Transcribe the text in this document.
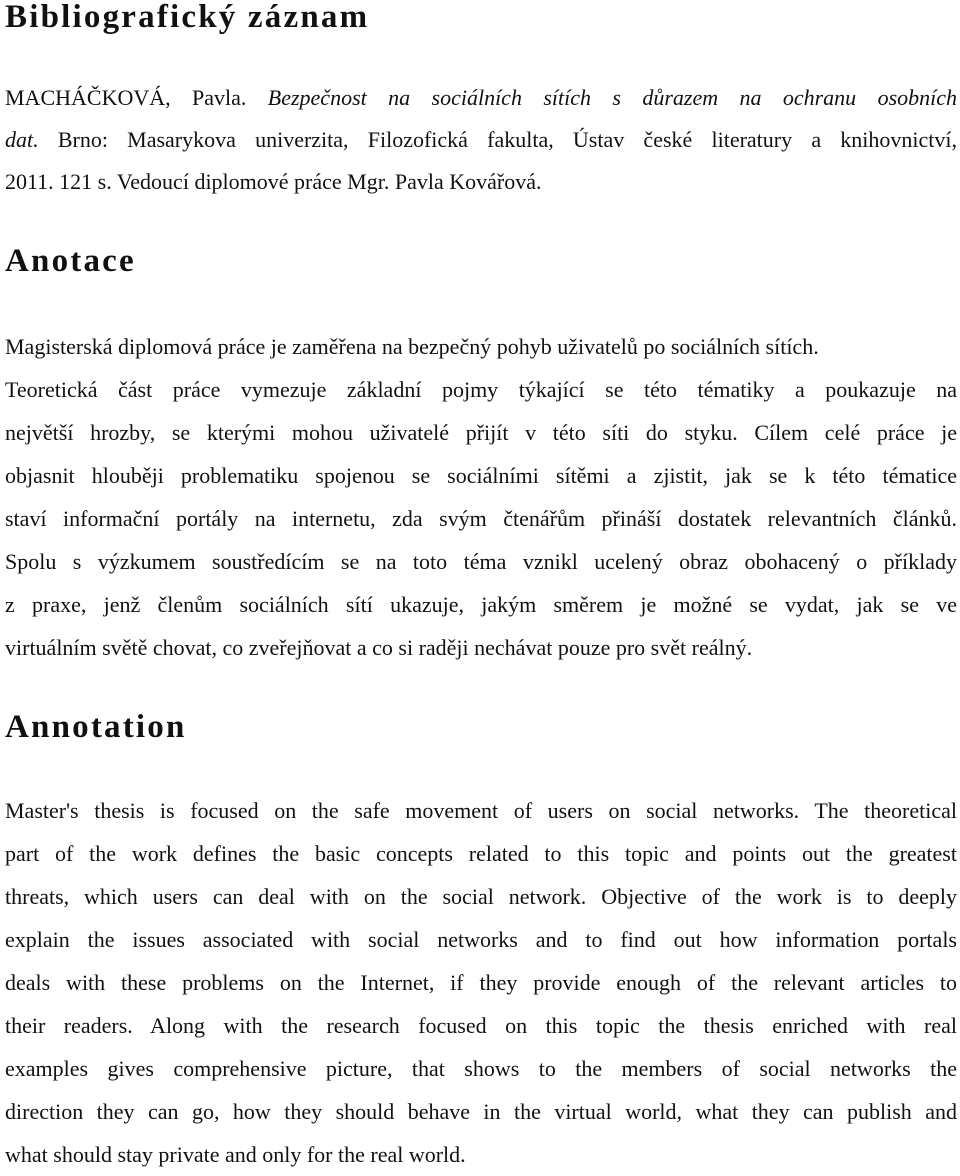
Bibliografický záznam
MACHÁČKOVÁ, Pavla. Bezpečnost na sociálních sítích s důrazem na ochranu osobních
dat. Brno: Masarykova univerzita, Filozofická fakulta, Ústav české literatury a knihovnictví,
2011. 121 s. Vedoucí diplomové práce Mgr. Pavla Kovářová.
Anotace
Magisterská diplomová práce je zaměřena na bezpečný pohyb uživatelů po sociálních sítích.
Teoretická část práce vymezuje základní pojmy týkající se této tématiky a poukazuje na
největší hrozby, se kterými mohou uživatelé přijít v této síti do styku. Cílem celé práce je
objasnit hlouběji problematiku spojenou se sociálními sítěmi a zjistit, jak se k této tématice
staví informační portály na internetu, zda svým čtenářům přináší dostatek relevantních článků.
Spolu s výzkumem soustředícím se na toto téma vznikl ucelený obraz obohacený o příklady
z praxe, jenž členům sociálních sítí ukazuje, jakým směrem je možné se vydat, jak se ve
virtuálním světě chovat, co zveřejňovat a co si raději nechávat pouze pro svět reálný.
Annotation
Master's thesis is focused on the safe movement of users on social networks. The theoretical
part of the work defines the basic concepts related to this topic and points out the greatest
threats, which users can deal with on the social network. Objective of the work is to deeply
explain the issues associated with social networks and to find out how information portals
deals with these problems on the Internet, if they provide enough of the relevant articles to
their readers. Along with the research focused on this topic the thesis enriched with real
examples gives comprehensive picture, that shows to the members of social networks the
direction they can go, how they should behave in the virtual world, what they can publish and
what should stay private and only for the real world.
